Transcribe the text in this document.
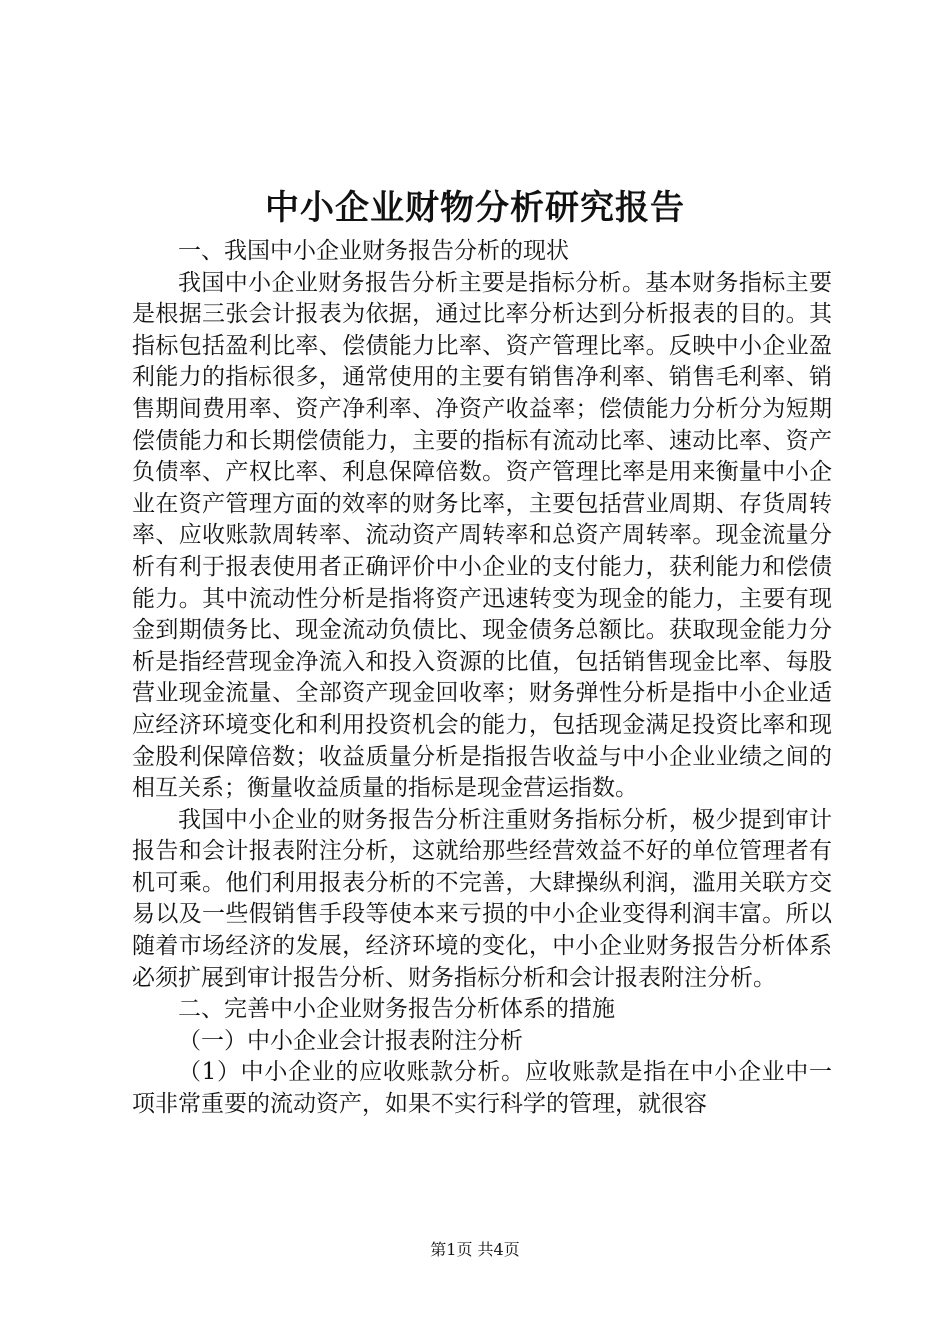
中小企业财物分析研究报告

一、我国中小企业财务报告分析的现状

我国中小企业财务报告分析主要是指标分析。基本财务指标主要是根据三张会计报表为依据，通过比率分析达到分析报表的目的。其指标包括盈利比率、偿债能力比率、资产管理比率。反映中小企业盈利能力的指标很多，通常使用的主要有销售净利率、销售毛利率、销售期间费用率、资产净利率、净资产收益率；偿债能力分析分为短期偿债能力和长期偿债能力，主要的指标有流动比率、速动比率、资产负债率、产权比率、利息保障倍数。资产管理比率是用来衡量中小企业在资产管理方面的效率的财务比率，主要包括营业周期、存货周转率、应收账款周转率、流动资产周转率和总资产周转率。现金流量分析有利于报表使用者正确评价中小企业的支付能力，获利能力和偿债能力。其中流动性分析是指将资产迅速转变为现金的能力，主要有现金到期债务比、现金流动负债比、现金债务总额比。获取现金能力分析是指经营现金净流入和投入资源的比值，包括销售现金比率、每股营业现金流量、全部资产现金回收率；财务弹性分析是指中小企业适应经济环境变化和利用投资机会的能力，包括现金满足投资比率和现金股利保障倍数；收益质量分析是指报告收益与中小企业业绩之间的相互关系；衡量收益质量的指标是现金营运指数。

我国中小企业的财务报告分析注重财务指标分析，极少提到审计报告和会计报表附注分析，这就给那些经营效益不好的单位管理者有机可乘。他们利用报表分析的不完善，大肆操纵利润，滥用关联方交易以及一些假销售手段等使本来亏损的中小企业变得利润丰富。所以随着市场经济的发展，经济环境的变化，中小企业财务报告分析体系必须扩展到审计报告分析、财务指标分析和会计报表附注分析。

二、完善中小企业财务报告分析体系的措施

（一）中小企业会计报表附注分析

（1）中小企业的应收账款分析。应收账款是指在中小企业中一项非常重要的流动资产，如果不实行科学的管理，就很容

第1页 共4页
